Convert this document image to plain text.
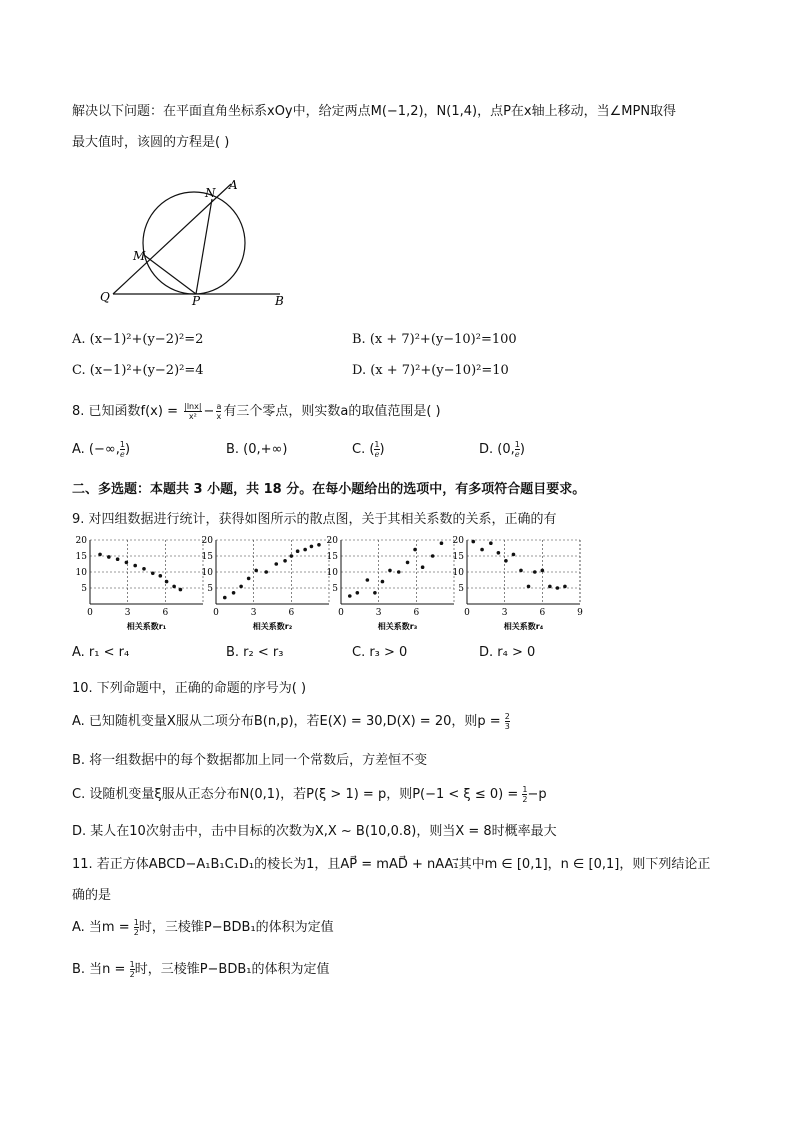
解决以下问题：在平面直角坐标系xOy中，给定两点M(−1,2)，N(1,4)，点P在x轴上移动，当∠MPN取得
最大值时，该圆的方程是( )
N
A
M
Q	P	B
A. (x−1)²+(y−2)²=2	B. (x + 7)²+(y−10)²=100
C. (x−1)²+(y−2)²=4	D. (x + 7)²+(y−10)²=10
8. 已知函数$f(x) = \frac{|\ln x|}{\text{x²}} - \frac{a}{x}$ 有三个零点，则实数a的取值范围是( )
A. (−∞, $\frac{1}{e}$ )	B. (0,+∞)	C. ( $\frac{1}{e}$ )	D. (0, $\frac{1}{e}$ )
二、多选题：本题共 3 小题，共 18 分。在每小题给出的选项中，有多项符合题目要求。
9. 对四组数据进行统计，获得如图所示的散点图，关于其相关系数的关系，正确的有
20
15
10
5
0	3	6
相关系数r₁
20
15
10
5
0	3	6
相关系数r₂
20
15
10
5
0	3	6
相关系数r₃
20
15
10
5
0	3	6	9
相关系数r₄
A. r₁ < r₄	B. r₂ < r₃	C. r₃ > 0	D. r₄ > 0
10. 下列命题中，正确的命题的序号为( )
A. 已知随机变量X服从二项分布B(n,p)，若E(X) = 30,D(X) = 20，则$p = \frac{2}{3}$
B. 将一组数据中的每个数据都加上同一个常数后，方差恒不变
C. 设随机变量ξ服从正态分布N(0,1)，若P(ξ > 1) = p，则$P(-1 < \xi \le 0) = \frac{1}{2} -p$
D. 某人在10次射击中，击中目标的次数为X,X ~ B(10,0.8)，则当X = 8时概率最大
11. 若正方体ABCD−A₁B₁C₁D₁的棱长为1，且AP⃗ = mAD⃗ + nAA₁⃗其中m ∈ [0,1]，n ∈ [0,1]，则下列结论正
确的是
A. 当$m = \frac{1}{2}$ 时，三棱锥P−BDB₁的体积为定值
B. 当$n = \frac{1}{2}$ 时，三棱锥P−BDB₁的体积为定值
